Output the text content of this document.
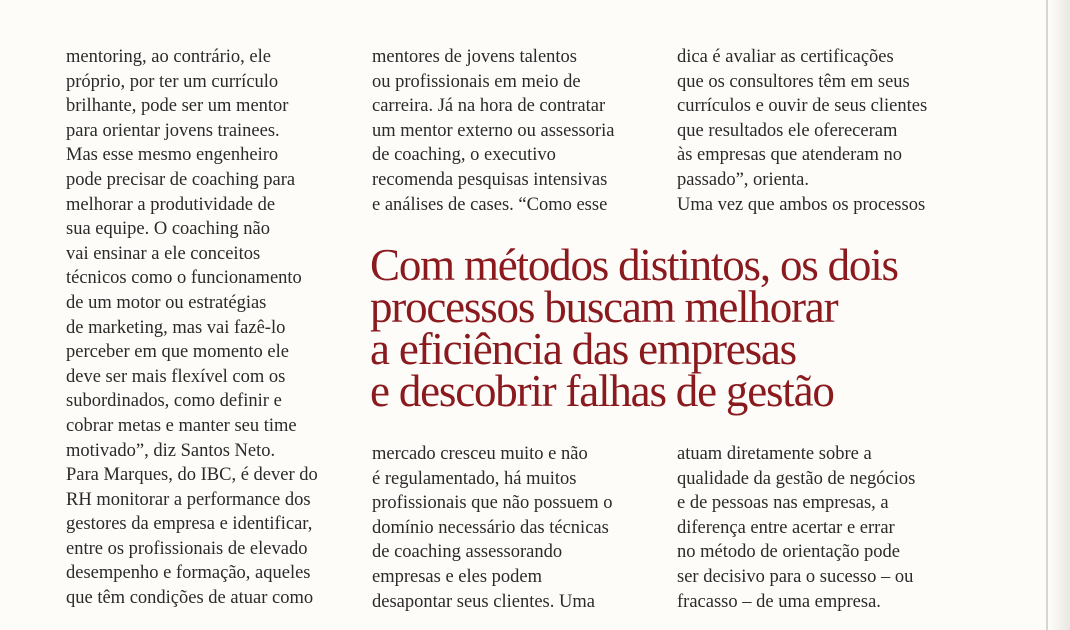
mentoring, ao contrário, ele
próprio, por ter um currículo
brilhante, pode ser um mentor
para orientar jovens trainees.
Mas esse mesmo engenheiro
pode precisar de coaching para
melhorar a produtividade de
sua equipe. O coaching não
vai ensinar a ele conceitos
técnicos como o funcionamento
de um motor ou estratégias
de marketing, mas vai fazê-lo
perceber em que momento ele
deve ser mais flexível com os
subordinados, como definir e
cobrar metas e manter seu time
motivado”, diz Santos Neto.
Para Marques, do IBC, é dever do
RH monitorar a performance dos
gestores da empresa e identificar,
entre os profissionais de elevado
desempenho e formação, aqueles
que têm condições de atuar como
mentores de jovens talentos
ou profissionais em meio de
carreira. Já na hora de contratar
um mentor externo ou assessoria
de coaching, o executivo
recomenda pesquisas intensivas
e análises de cases. “Como esse
dica é avaliar as certificações
que os consultores têm em seus
currículos e ouvir de seus clientes
que resultados ele ofereceram
às empresas que atenderam no
passado”, orienta.
Uma vez que ambos os processos
Com métodos distintos, os dois
processos buscam melhorar
a eficiência das empresas
e descobrir falhas de gestão
mercado cresceu muito e não
é regulamentado, há muitos
profissionais que não possuem o
domínio necessário das técnicas
de coaching assessorando
empresas e eles podem
desapontar seus clientes. Uma
atuam diretamente sobre a
qualidade da gestão de negócios
e de pessoas nas empresas, a
diferença entre acertar e errar
no método de orientação pode
ser decisivo para o sucesso – ou
fracasso – de uma empresa.
